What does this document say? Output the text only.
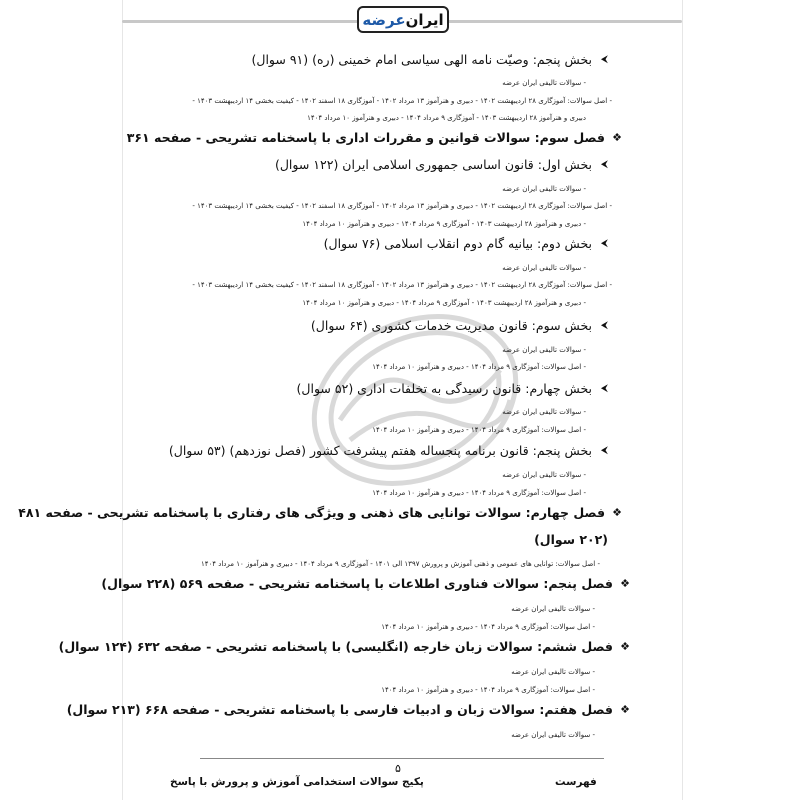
ایران
عرضه
⮜
بخش پنجم: وصیّت نامه الهی سیاسی امام خمینی (ره) (۹۱ سوال)
- سوالات تالیفی ایران عرضه
- اصل سوالات: آموزگاری ۲۸ اردیبهشت ۱۴۰۲ - دبیری و هنرآموز ۱۳ مرداد ۱۴۰۲ - آموزگاری ۱۸ اسفند ۱۴۰۲ - کیفیت بخشی ۱۴ اردیبهشت ۱۴۰۳ -
دبیری و هنرآموز ۲۸ اردیبهشت ۱۴۰۳ - آموزگاری ۹ مرداد ۱۴۰۴ - دبیری و هنرآموز ۱۰ مرداد ۱۴۰۴
❖
فصل سوم: سوالات قوانین و مقررات اداری با پاسخنامه تشریحی - صفحه ۳۶۱
⮜
بخش اول: قانون اساسی جمهوری اسلامی ایران (۱۲۲ سوال)
- سوالات تالیفی ایران عرضه
- اصل سوالات: آموزگاری ۲۸ اردیبهشت ۱۴۰۲ - دبیری و هنرآموز ۱۳ مرداد ۱۴۰۲ - آموزگاری ۱۸ اسفند ۱۴۰۲ - کیفیت بخشی ۱۴ اردیبهشت ۱۴۰۳ -
- دبیری و هنرآموز ۲۸ اردیبهشت ۱۴۰۳ - آموزگاری ۹ مرداد ۱۴۰۴ - دبیری و هنرآموز ۱۰ مرداد ۱۴۰۴
⮜
بخش دوم: بیانیه گام دوم انقلاب اسلامی (۷۶ سوال)
- سوالات تالیفی ایران عرضه
- اصل سوالات: آموزگاری ۲۸ اردیبهشت ۱۴۰۲ - دبیری و هنرآموز ۱۳ مرداد ۱۴۰۲ - آموزگاری ۱۸ اسفند ۱۴۰۲ - کیفیت بخشی ۱۴ اردیبهشت ۱۴۰۳ -
- دبیری و هنرآموز ۲۸ اردیبهشت ۱۴۰۳ - آموزگاری ۹ مرداد ۱۴۰۴ - دبیری و هنرآموز ۱۰ مرداد ۱۴۰۴
⮜
بخش سوم: قانون مدیریت خدمات کشوری (۶۴ سوال)
- سوالات تالیفی ایران عرضه
- اصل سوالات: آموزگاری ۹ مرداد ۱۴۰۴ - دبیری و هنرآموز ۱۰ مرداد ۱۴۰۴
⮜
بخش چهارم: قانون رسیدگی به تخلفات اداری (۵۲ سوال)
- سوالات تالیفی ایران عرضه
- اصل سوالات: آموزگاری ۹ مرداد ۱۴۰۴ - دبیری و هنرآموز ۱۰ مرداد ۱۴۰۴
⮜
بخش پنجم: قانون برنامه پنجساله هفتم پیشرفت کشور (فصل نوزدهم) (۵۳ سوال)
- سوالات تالیفی ایران عرضه
- اصل سوالات: آموزگاری ۹ مرداد ۱۴۰۴ - دبیری و هنرآموز ۱۰ مرداد ۱۴۰۴
❖
فصل چهارم: سوالات توانایی های ذهنی و ویژگی های رفتاری با پاسخنامه تشریحی - صفحه ۴۸۱
(۲۰۲ سوال)
- اصل سوالات: توانایی های عمومی و ذهنی آموزش و پرورش ۱۳۹۷ الی ۱۴۰۱ - آموزگاری ۹ مرداد ۱۴۰۴ - دبیری و هنرآموز ۱۰ مرداد ۱۴۰۴
❖
فصل پنجم: سوالات فناوری اطلاعات با پاسخنامه تشریحی - صفحه ۵۶۹ (۲۲۸ سوال)
- سوالات تالیفی ایران عرضه
- اصل سوالات: آموزگاری ۹ مرداد ۱۴۰۴ - دبیری و هنرآموز ۱۰ مرداد ۱۴۰۴
❖
فصل ششم: سوالات زبان خارجه (انگلیسی) با پاسخنامه تشریحی - صفحه ۶۳۲ (۱۲۴ سوال)
- سوالات تالیفی ایران عرضه
- اصل سوالات: آموزگاری ۹ مرداد ۱۴۰۴ - دبیری و هنرآموز ۱۰ مرداد ۱۴۰۴
❖
فصل هفتم: سوالات زبان و ادبیات فارسی با پاسخنامه تشریحی - صفحه ۶۶۸ (۲۱۳ سوال)
- سوالات تالیفی ایران عرضه
۵
پکیج سوالات استخدامی آموزش و پرورش با پاسخ	فهرست
